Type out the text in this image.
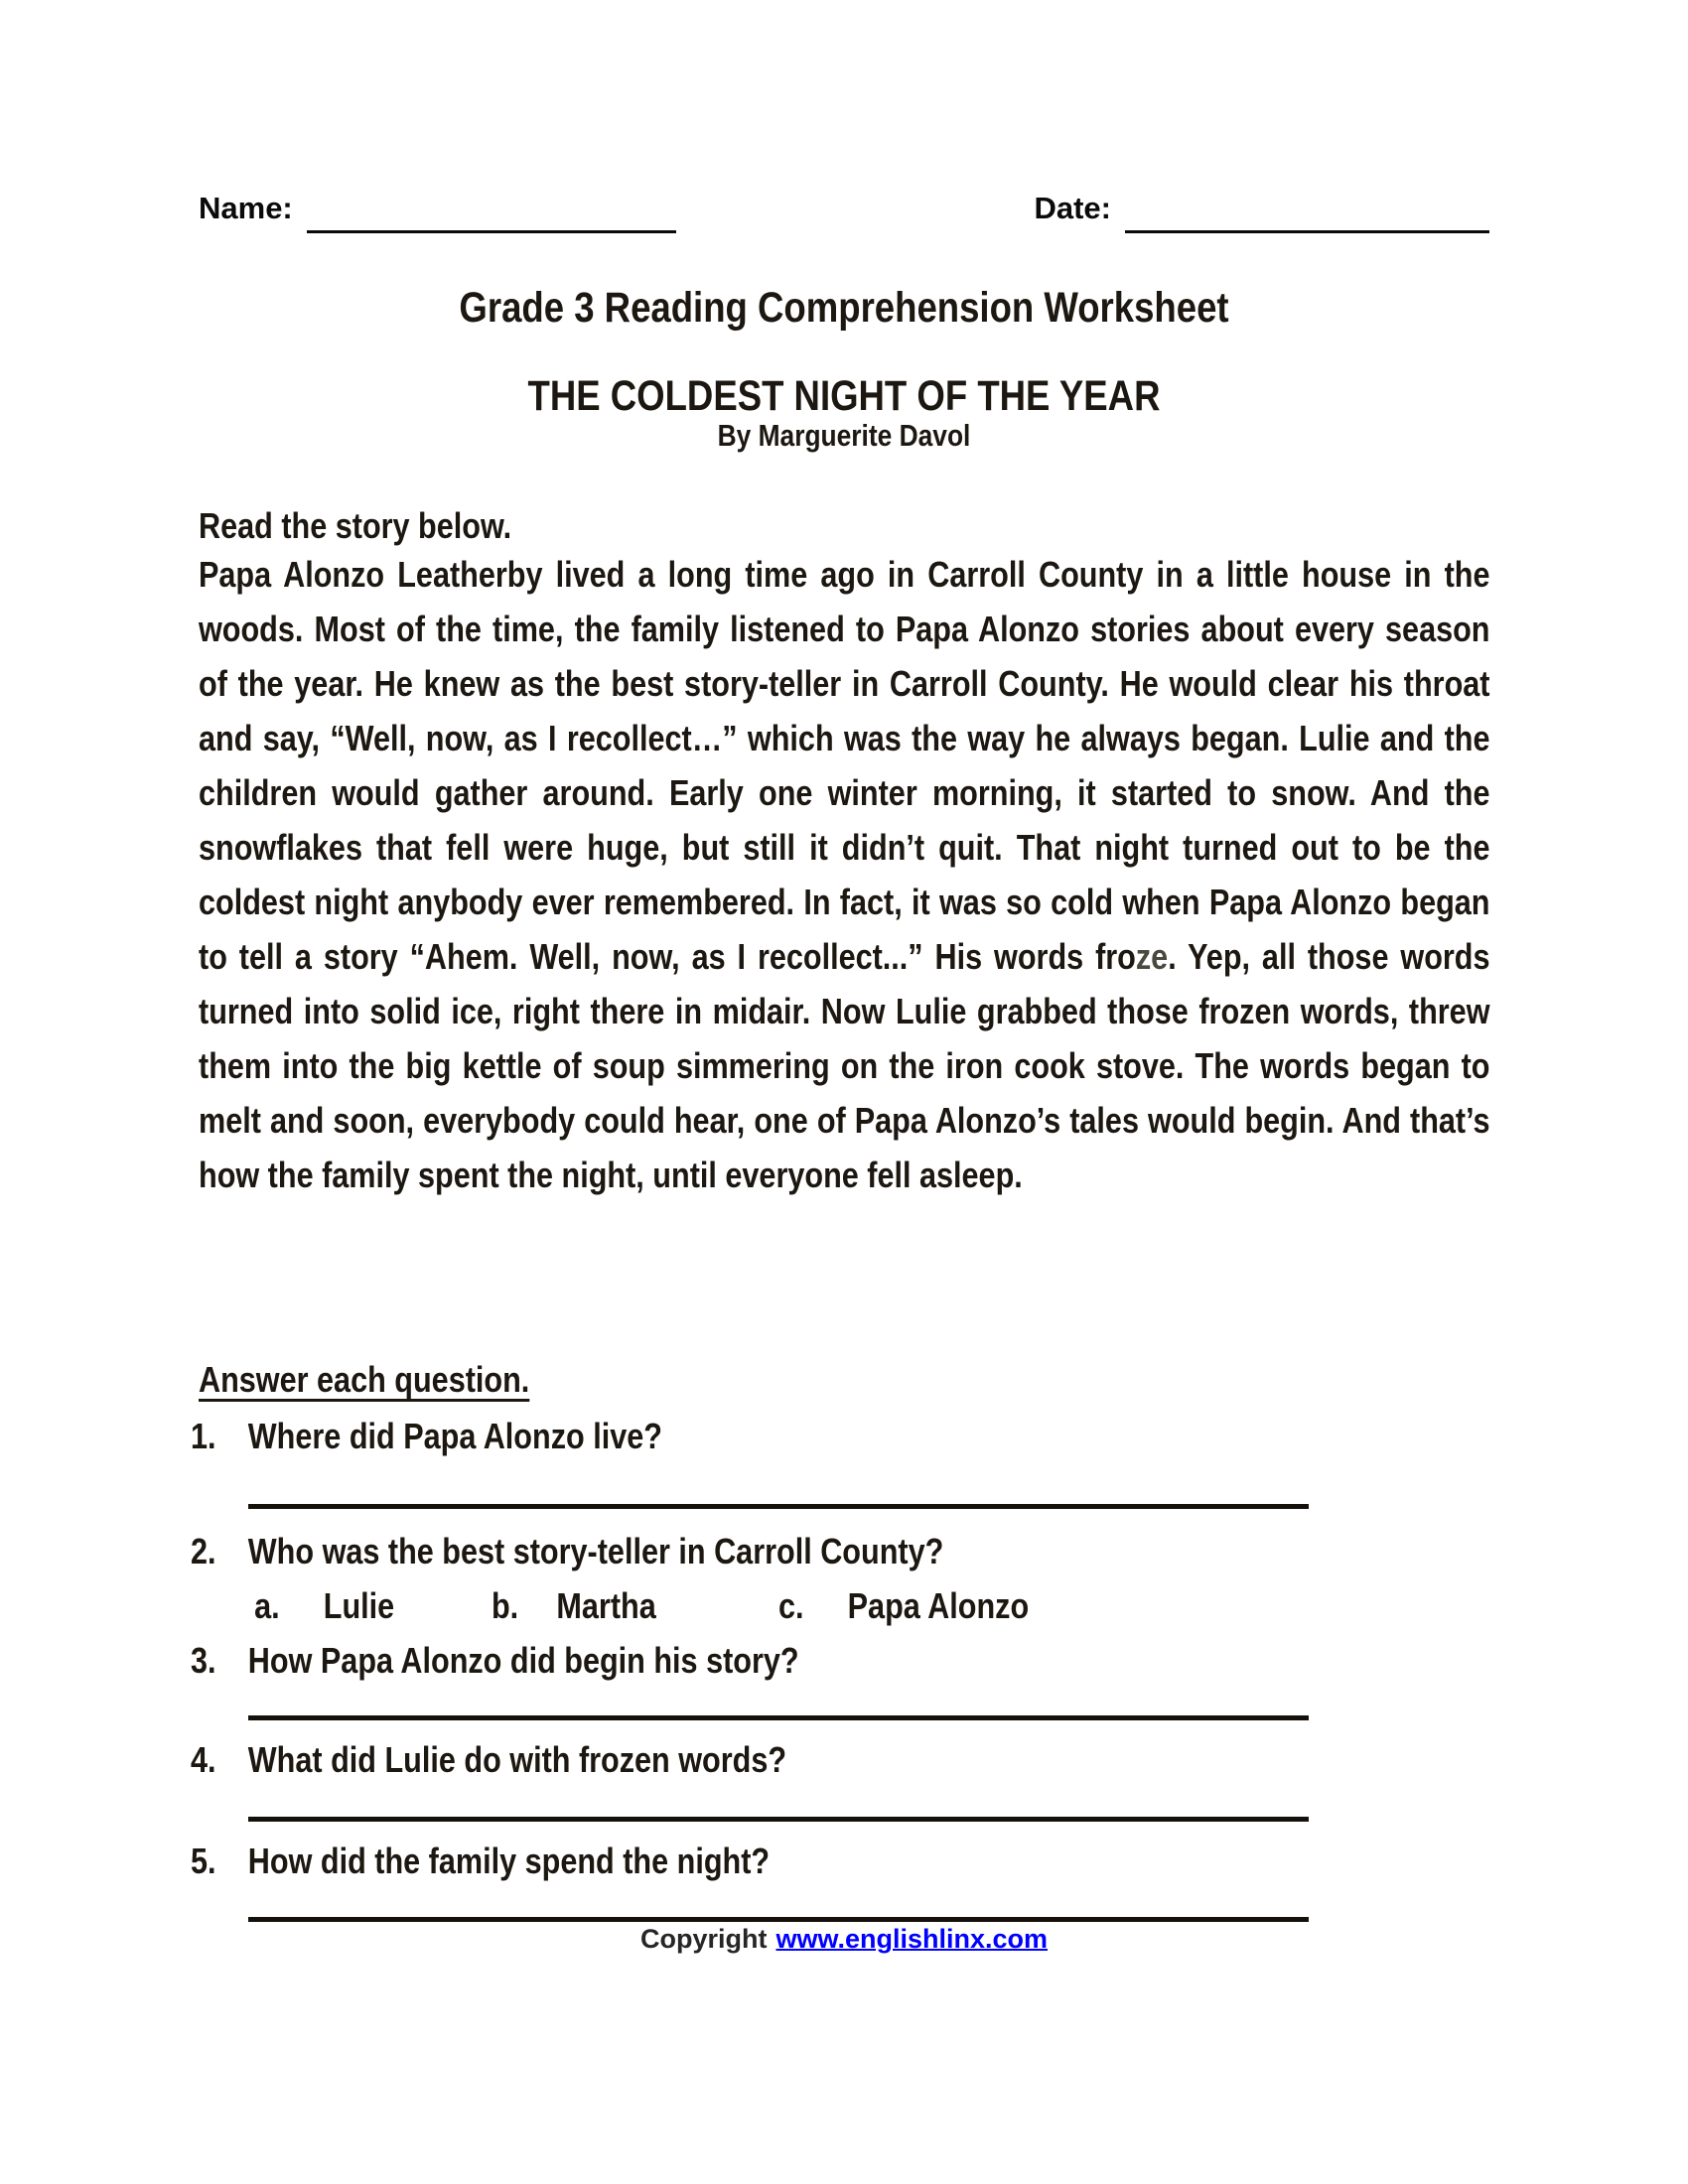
Name:	Date:
Grade 3 Reading Comprehension Worksheet
THE COLDEST NIGHT OF THE YEAR
By Marguerite Davol
Read the story below.

Papa Alonzo Leatherby lived a long time ago in Carroll County in a little house in the woods. Most of the time, the family listened to Papa Alonzo stories about every season of the year. He knew as the best story-teller in Carroll County. He would clear his throat and say, “Well, now, as I recollect…” which was the way he always began. Lulie and the children would gather around. Early one winter morning, it started to snow. And the snowflakes that fell were huge, but still it didn’t quit. That night turned out to be the coldest night anybody ever remembered. In fact, it was so cold when Papa Alonzo began to tell a story “Ahem. Well, now, as I recollect...” His words froze. Yep, all those words turned into solid ice, right there in midair. Now Lulie grabbed those frozen words, threw them into the big kettle of soup simmering on the iron cook stove. The words began to melt and soon, everybody could hear, one of Papa Alonzo’s tales would begin. And that’s how the family spent the night, until everyone fell asleep.

Answer each question.
1. Where did Papa Alonzo live?
2. Who was the best story-teller in Carroll County?
a. Lulie	b. Martha	c. Papa Alonzo
3. How Papa Alonzo did begin his story?
4. What did Lulie do with frozen words?
5. How did the family spend the night?
Copyright www.englishlinx.com
